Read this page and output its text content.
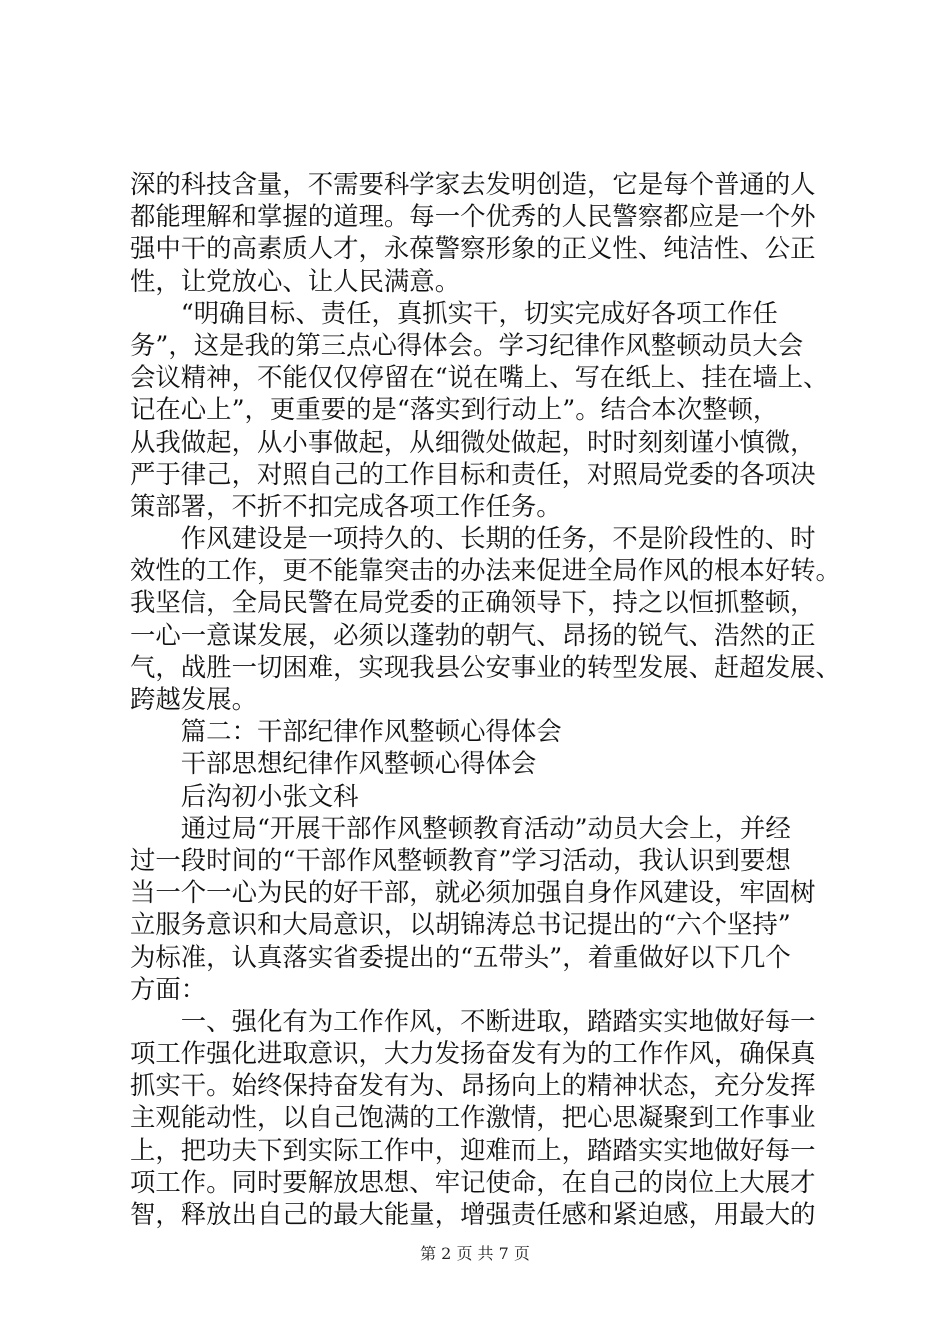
深的科技含量，不需要科学家去发明创造，它是每个普通的人
都能理解和掌握的道理。每一个优秀的人民警察都应是一个外
强中干的高素质人才，永葆警察形象的正义性、纯洁性、公正
性，让党放心、让人民满意。
　　“明确目标、责任，真抓实干，切实完成好各项工作任
务”，这是我的第三点心得体会。学习纪律作风整顿动员大会
会议精神，不能仅仅停留在“说在嘴上、写在纸上、挂在墙上、
记在心上”，更重要的是“落实到行动上”。结合本次整顿，
从我做起，从小事做起，从细微处做起，时时刻刻谨小慎微，
严于律己，对照自己的工作目标和责任，对照局党委的各项决
策部署，不折不扣完成各项工作任务。
　　作风建设是一项持久的、长期的任务，不是阶段性的、时
效性的工作，更不能靠突击的办法来促进全局作风的根本好转。
我坚信，全局民警在局党委的正确领导下，持之以恒抓整顿，
一心一意谋发展，必须以蓬勃的朝气、昂扬的锐气、浩然的正
气，战胜一切困难，实现我县公安事业的转型发展、赶超发展、
跨越发展。
　　篇二：干部纪律作风整顿心得体会
　　干部思想纪律作风整顿心得体会
　　后沟初小张文科
　　通过局“开展干部作风整顿教育活动”动员大会上，并经
过一段时间的“干部作风整顿教育”学习活动，我认识到要想
当一个一心为民的好干部，就必须加强自身作风建设，牢固树
立服务意识和大局意识，以胡锦涛总书记提出的“六个坚持”
为标准，认真落实省委提出的“五带头”，着重做好以下几个
方面：
　　一、强化有为工作作风，不断进取，踏踏实实地做好每一
项工作强化进取意识，大力发扬奋发有为的工作作风，确保真
抓实干。始终保持奋发有为、昂扬向上的精神状态，充分发挥
主观能动性，以自己饱满的工作激情，把心思凝聚到工作事业
上，把功夫下到实际工作中，迎难而上，踏踏实实地做好每一
项工作。同时要解放思想、牢记使命，在自己的岗位上大展才
智，释放出自己的最大能量，增强责任感和紧迫感，用最大的
第 2 页 共 7 页
